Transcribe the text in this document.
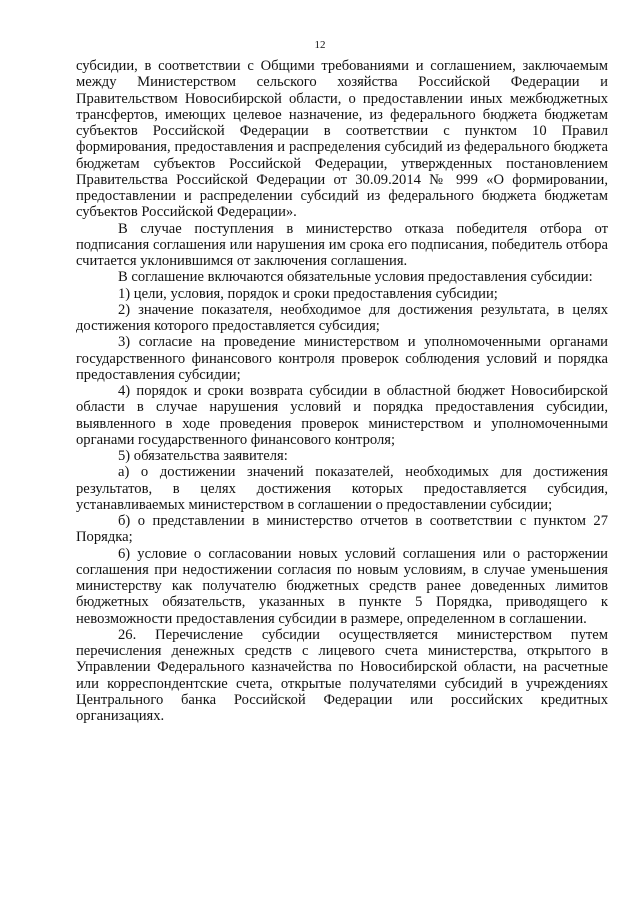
12

субсидии, в соответствии с Общими требованиями и соглашением, заключаемым между Министерством сельского хозяйства Российской Федерации и Правительством Новосибирской области, о предоставлении иных межбюджетных трансфертов, имеющих целевое назначение, из федерального бюджета бюджетам субъектов Российской Федерации в соответствии с пунктом 10 Правил формирования, предоставления и распределения субсидий из федерального бюджета бюджетам субъектов Российской Федерации, утвержденных постановлением Правительства Российской Федерации от 30.09.2014 № 999 «О формировании, предоставлении и распределении субсидий из федерального бюджета бюджетам субъектов Российской Федерации».

В случае поступления в министерство отказа победителя отбора от подписания соглашения или нарушения им срока его подписания, победитель отбора считается уклонившимся от заключения соглашения.

В соглашение включаются обязательные условия предоставления субсидии:

1) цели, условия, порядок и сроки предоставления субсидии;

2) значение показателя, необходимое для достижения результата, в целях достижения которого предоставляется субсидия;

3) согласие на проведение министерством и уполномоченными органами государственного финансового контроля проверок соблюдения условий и порядка предоставления субсидии;

4) порядок и сроки возврата субсидии в областной бюджет Новосибирской области в случае нарушения условий и порядка предоставления субсидии, выявленного в ходе проведения проверок министерством и уполномоченными органами государственного финансового контроля;

5) обязательства заявителя:

а) о достижении значений показателей, необходимых для достижения результатов, в целях достижения которых предоставляется субсидия, устанавливаемых министерством в соглашении о предоставлении субсидии;

б) о представлении в министерство отчетов в соответствии с пунктом 27 Порядка;

6) условие о согласовании новых условий соглашения или о расторжении соглашения при недостижении согласия по новым условиям, в случае уменьшения министерству как получателю бюджетных средств ранее доведенных лимитов бюджетных обязательств, указанных в пункте 5 Порядка, приводящего к невозможности предоставления субсидии в размере, определенном в соглашении.

26. Перечисление субсидии осуществляется министерством путем перечисления денежных средств с лицевого счета министерства, открытого в Управлении Федерального казначейства по Новосибирской области, на расчетные или корреспондентские счета, открытые получателями субсидий в учреждениях Центрального банка Российской Федерации или российских кредитных организациях.
